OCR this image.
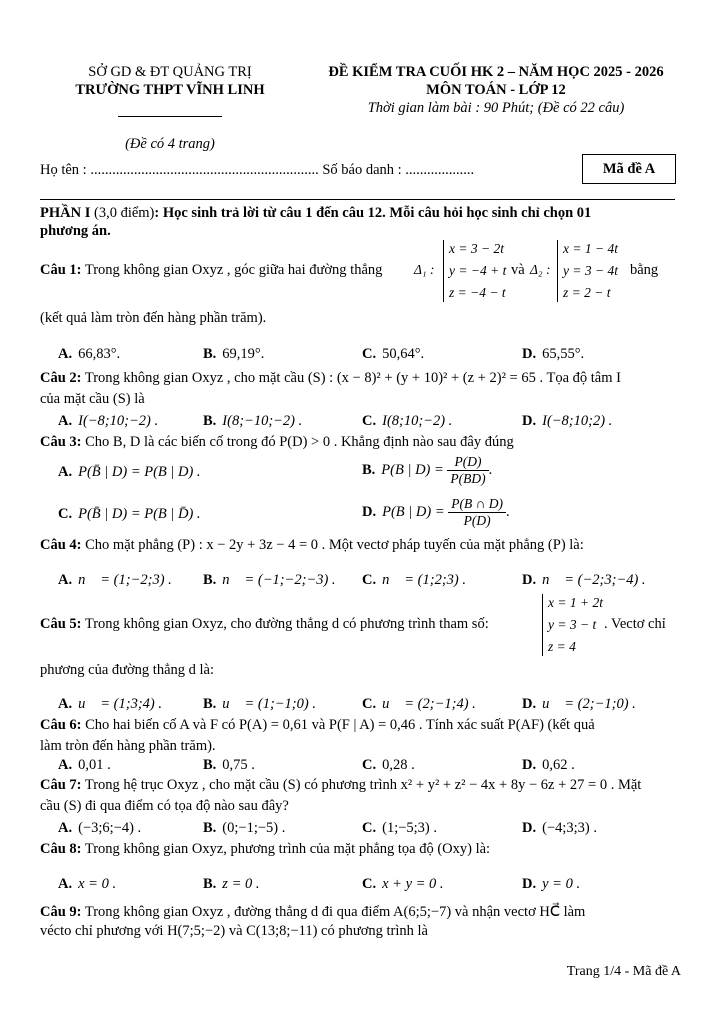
SỞ GD & ĐT QUẢNG TRỊ
TRƯỜNG THPT VĨNH LINH
(Đề có 4 trang)
ĐỀ KIỂM TRA CUỐI HK 2 – NĂM HỌC 2025 - 2026
MÔN TOÁN - LỚP 12
Thời gian làm bài : 90 Phút; (Đề có 22 câu)
Họ tên : ............................................................... Số báo danh : ...................	Mã đề A
PHẦN I (3,0 điểm): Học sinh trả lời từ câu 1 đến câu 12. Mỗi câu hỏi học sinh chỉ chọn 01
phương án.
Câu 1: Trong không gian Oxyz , góc giữa hai đường thẳng Δ₁ :
x = 3 − 2t
y = −4 + t
z = −4 − t
và Δ₂ :
x = 1 − 4t
y = 3 − 4t
z = 2 − t
bằng
(kết quả làm tròn đến hàng phần trăm).
A. 66,83°.	B. 69,19°.	C. 50,64°.	D. 65,55°.
Câu 2: Trong không gian Oxyz , cho mặt cầu (S) : (x − 8)² + (y + 10)² + (z + 2)² = 65 . Tọa độ tâm I
của mặt cầu (S) là
A. I(−8;10;−2) .	B. I(8;−10;−2) .	C. I(8;10;−2) .	D. I(−8;10;2) .
Câu 3: Cho B, D là các biến cố trong đó P(D) > 0 . Khẳng định nào sau đây đúng
A. P(B̄ | D) = P(B | D) .	B. P(B | $D) = \frac{P(D)}{P(BD)}$ .
C. P(B̄ | D) = P(B | D̄) .	D. P(B | $D) = \frac{P(B \cap D)}{P(D)}$ .
Câu 4: Cho mặt phẳng (P) : x − 2y + 3z − 4 = 0 . Một vectơ pháp tuyến của mặt phẳng (P) là:
A. n⃗ = (1;−2;3) . B. n⃗ = (−1;−2;−3) . C. n⃗ = (1;2;3) .	D. n⃗ = (−2;3;−4) .
Câu 5: Trong không gian Oxyz, cho đường thẳng d có phương trình tham số:
x = 1 + 2t
y = 3 − t
z = 4
. Vectơ chỉ
phương của đường thẳng d là:
A. u⃗ = (1;3;4) .	B. u⃗ = (1;−1;0) .	C. u⃗ = (2;−1;4) .	D. u⃗ = (2;−1;0) .
Câu 6: Cho hai biến cố A và F có P(A) = 0,61 và P(F | A) = 0,46 . Tính xác suất P(AF) (kết quả
làm tròn đến hàng phần trăm).
A. 0,01 .	B. 0,75 .	C. 0,28 .	D. 0,62 .
Câu 7: Trong hệ trục Oxyz , cho mặt cầu (S) có phương trình x² + y² + z² − 4x + 8y − 6z + 27 = 0 . Mặt
cầu (S) đi qua điểm có tọa độ nào sau đây?
A. (−3;6;−4) .	B. (0;−1;−5) .	C. (1;−5;3) .	D. (−4;3;3) .
Câu 8: Trong không gian Oxyz, phương trình của mặt phẳng tọa độ (Oxy) là:
A. x = 0 .	B. z = 0 .	C. x + y = 0 .	D. y = 0 .
Câu 9: Trong không gian Oxyz , đường thẳng d đi qua điểm A(6;5;−7) và nhận vectơ HC⃗ làm
vécto chỉ phương với H(7;5;−2) và C(13;8;−11) có phương trình là
Trang 1/4 - Mã đề A
